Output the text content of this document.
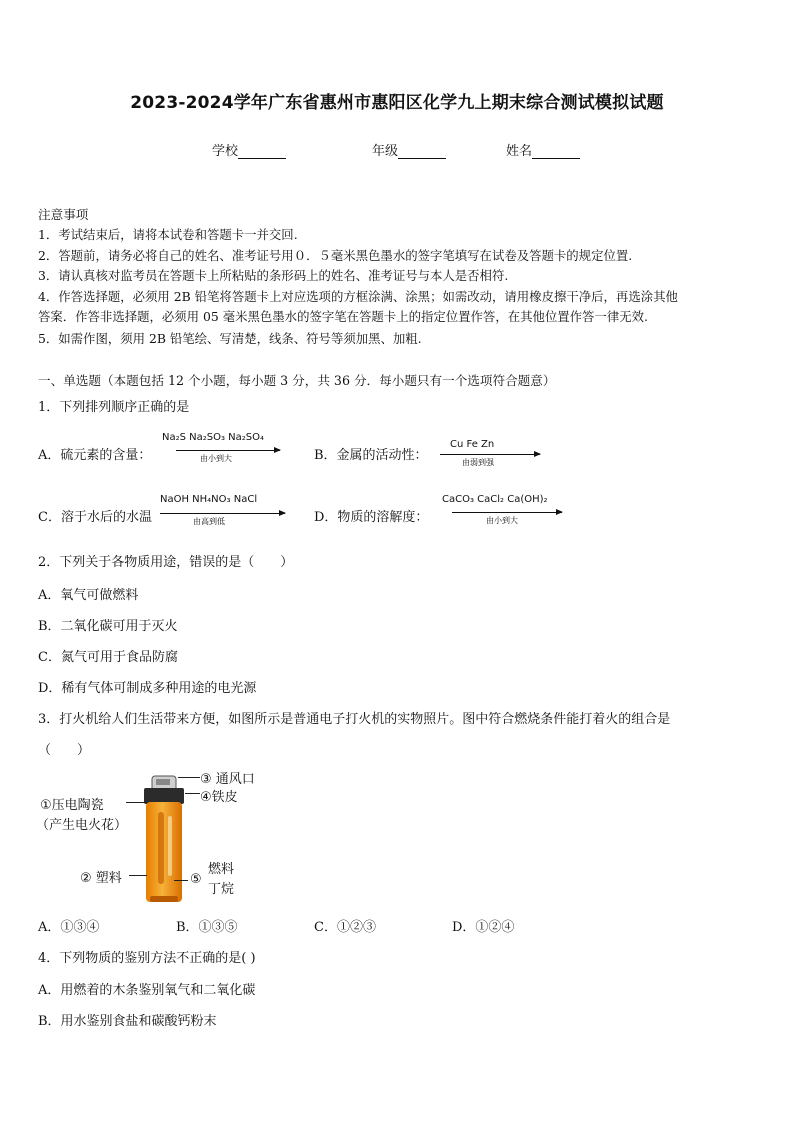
2023-2024学年广东省惠州市惠阳区化学九上期末综合测试模拟试题
学校	年级	姓名
注意事项
1．考试结束后，请将本试卷和答题卡一并交回.
2．答题前，请务必将自己的姓名、准考证号用０．５毫米黑色墨水的签字笔填写在试卷及答题卡的规定位置.
3．请认真核对监考员在答题卡上所粘贴的条形码上的姓名、准考证号与本人是否相符.
4．作答选择题，必须用 2B 铅笔将答题卡上对应选项的方框涂满、涂黑；如需改动，请用橡皮擦干净后，再选涂其他
答案．作答非选择题，必须用 05 毫米黑色墨水的签字笔在答题卡上的指定位置作答，在其他位置作答一律无效.
5．如需作图，须用 2B 铅笔绘、写清楚，线条、符号等须加黑、加粗.
一、单选题（本题包括 12 个小题，每小题 3 分，共 36 分．每小题只有一个选项符合题意）
1．下列排列顺序正确的是
A．硫元素的含量：
Na₂S Na₂SO₃ Na₂SO₄
由小到大	B．金属的活动性：
Cu Fe Zn
由弱到强
C．溶于水后的水温
NaOH NH₄NO₃ NaCl
由高到低	D．物质的溶解度：
CaCO₃ CaCl₂ Ca(OH)₂
由小到大
2．下列关于各物质用途，错误的是（　　）
A．氧气可做燃料
B．二氧化碳可用于灭火
C．氮气可用于食品防腐
D．稀有气体可制成多种用途的电光源
3．打火机给人们生活带来方便，如图所示是普通电子打火机的实物照片。图中符合燃烧条件能打着火的组合是
（　　）
③ 通风口
④铁皮
①压电陶瓷
（产生电火花）
② 塑料
燃料
⑤
丁烷
A．①③④	B．①③⑤	C．①②③	D．①②④
4．下列物质的鉴别方法不正确的是( )
A．用燃着的木条鉴别氧气和二氧化碳
B．用水鉴别食盐和碳酸钙粉末
